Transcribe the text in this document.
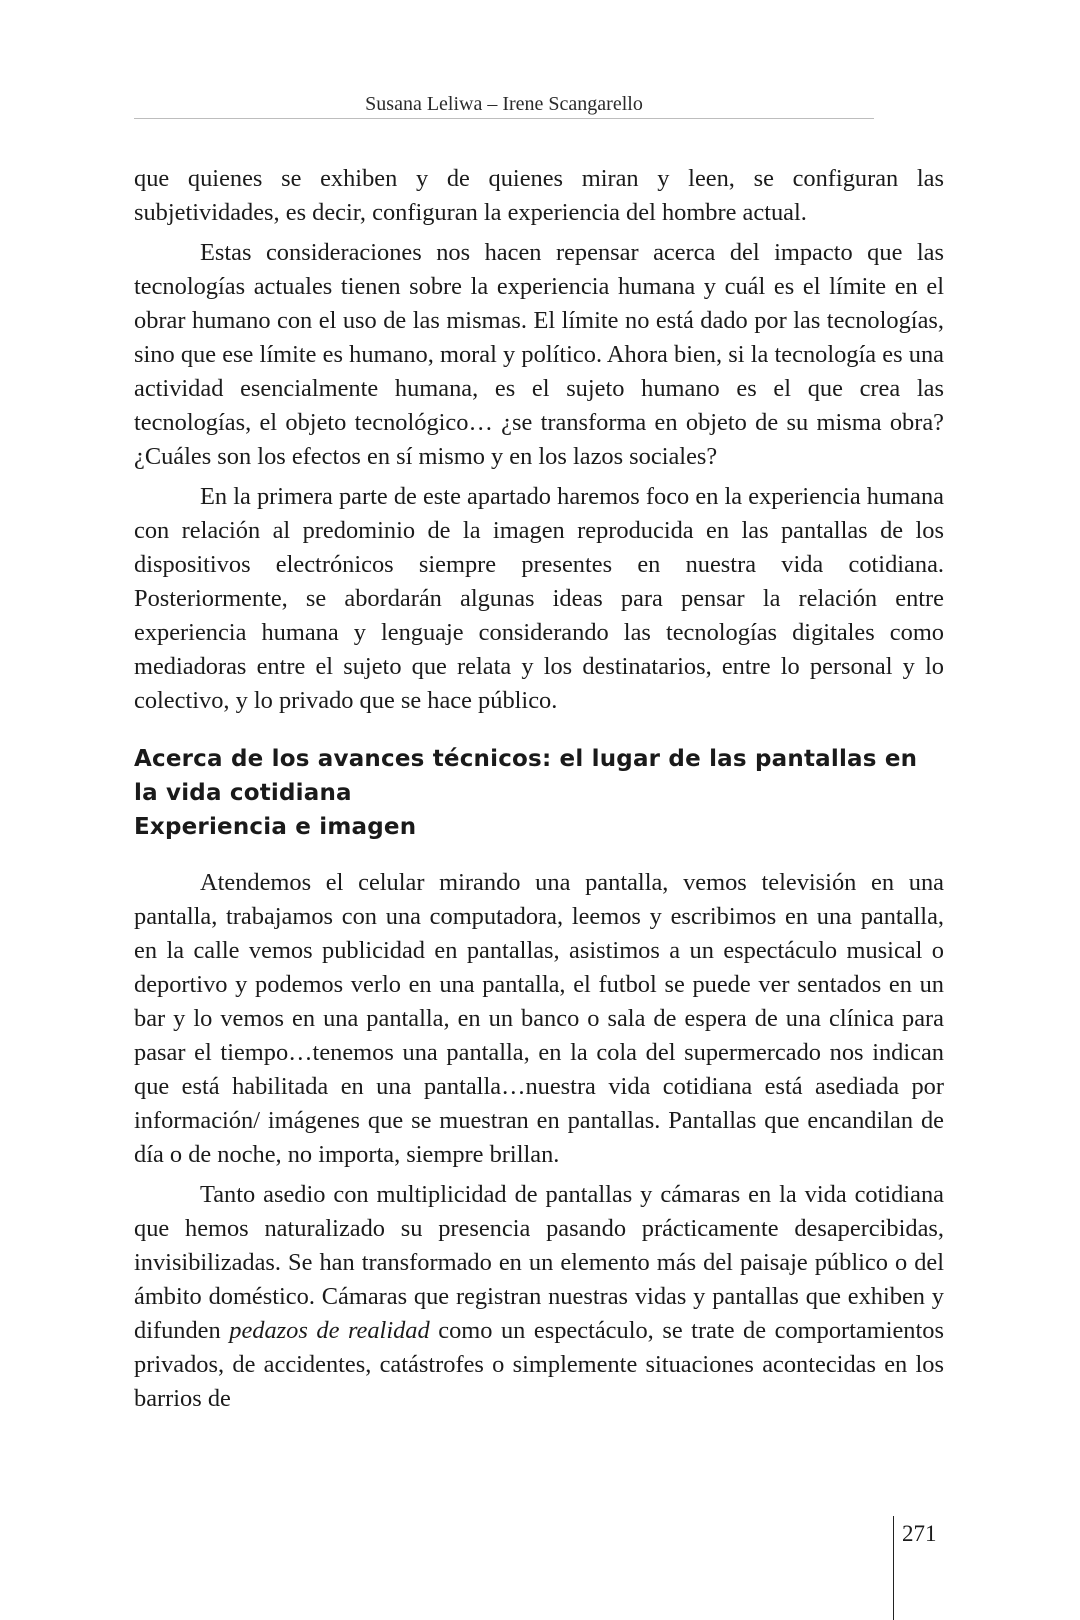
Susana Leliwa – Irene Scangarello

que quienes se exhiben y de quienes miran y leen, se configuran las subjetividades, es decir, configuran la experiencia del hombre actual.

Estas consideraciones nos hacen repensar acerca del impacto que las tecnologías actuales tienen sobre la experiencia humana y cuál es el límite en el obrar humano con el uso de las mismas. El límite no está dado por las tecnologías, sino que ese límite es humano, moral y político. Ahora bien, si la tecnología es una actividad esencialmente humana, es el sujeto humano es el que crea las tecnologías, el objeto tecnológico… ¿se transforma en objeto de su misma obra? ¿Cuáles son los efectos en sí mismo y en los lazos sociales?

En la primera parte de este apartado haremos foco en la experiencia humana con relación al predominio de la imagen reproducida en las pantallas de los dispositivos electrónicos siempre presentes en nuestra vida cotidiana. Posteriormente, se abordarán algunas ideas para pensar la relación entre experiencia humana y lenguaje considerando las tecnologías digitales como mediadoras entre el sujeto que relata y los destinatarios, entre lo personal y lo colectivo, y lo privado que se hace público.

Acerca de los avances técnicos: el lugar de las pantallas en la vida cotidiana
Experiencia e imagen

Atendemos el celular mirando una pantalla, vemos televisión en una pantalla, trabajamos con una computadora, leemos y escribimos en una pantalla, en la calle vemos publicidad en pantallas, asistimos a un espectáculo musical o deportivo y podemos verlo en una pantalla, el futbol se puede ver sentados en un bar y lo vemos en una pantalla, en un banco o sala de espera de una clínica para pasar el tiempo…tenemos una pantalla, en la cola del supermercado nos indican que está habilitada en una pantalla…nuestra vida cotidiana está asediada por información/ imágenes que se muestran en pantallas. Pantallas que encandilan de día o de noche, no importa, siempre brillan.

Tanto asedio con multiplicidad de pantallas y cámaras en la vida cotidiana que hemos naturalizado su presencia pasando prácticamente desapercibidas, invisibilizadas. Se han transformado en un elemento más del paisaje público o del ámbito doméstico. Cámaras que registran nuestras vidas y pantallas que exhiben y difunden pedazos de realidad como un espectáculo, se trate de comportamientos privados, de accidentes, catástrofes o simplemente situaciones acontecidas en los barrios de

271
